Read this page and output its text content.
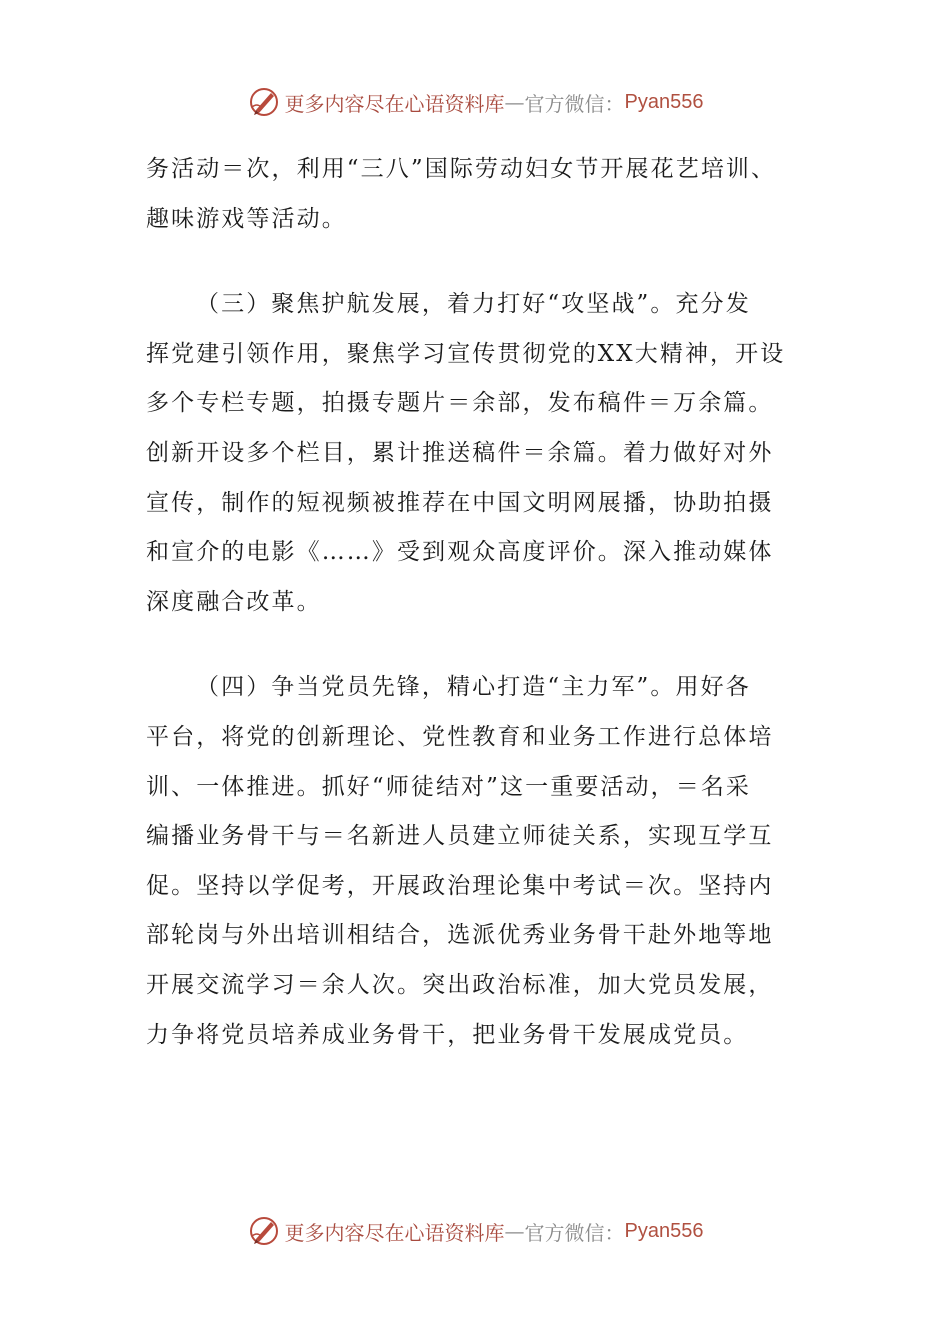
更多内容尽在心语资料库 — 官方微信： Pyan556
务活动＝次，利用“三八”国际劳动妇女节开展花艺培训、
趣味游戏等活动。
（三）聚焦护航发展，着力打好“攻坚战”。充分发
挥党建引领作用，聚焦学习宣传贯彻党的XX大精神，开设
多个专栏专题，拍摄专题片＝余部，发布稿件＝万余篇。
创新开设多个栏目，累计推送稿件＝余篇。着力做好对外
宣传，制作的短视频被推荐在中国文明网展播，协助拍摄
和宣介的电影《……》受到观众高度评价。深入推动媒体
深度融合改革。
（四）争当党员先锋，精心打造“主力军”。用好各
平台，将党的创新理论、党性教育和业务工作进行总体培
训、一体推进。抓好“师徒结对”这一重要活动，＝名采
编播业务骨干与＝名新进人员建立师徒关系，实现互学互
促。坚持以学促考，开展政治理论集中考试＝次。坚持内
部轮岗与外出培训相结合，选派优秀业务骨干赴外地等地
开展交流学习＝余人次。突出政治标准，加大党员发展，
力争将党员培养成业务骨干，把业务骨干发展成党员。
更多内容尽在心语资料库 — 官方微信： Pyan556
